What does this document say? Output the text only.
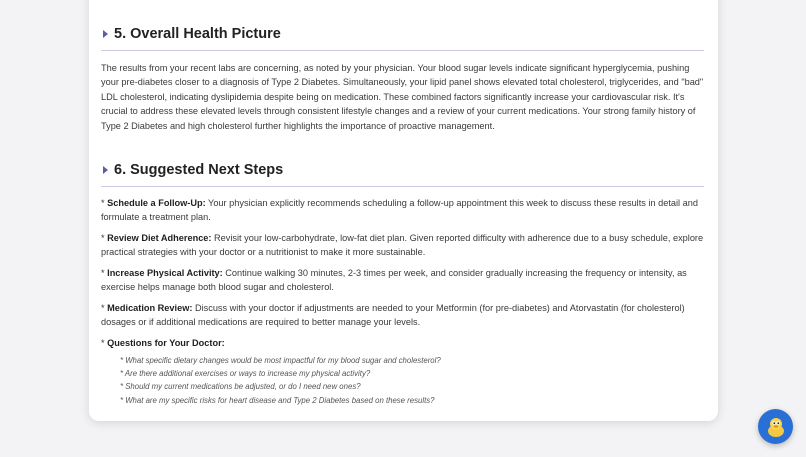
5. Overall Health Picture

The results from your recent labs are concerning, as noted by your physician. Your blood sugar levels indicate significant hyperglycemia, pushing your pre-diabetes closer to a diagnosis of Type 2 Diabetes. Simultaneously, your lipid panel shows elevated total cholesterol, triglycerides, and "bad" LDL cholesterol, indicating dyslipidemia despite being on medication. These combined factors significantly increase your cardiovascular risk. It's crucial to address these elevated levels through consistent lifestyle changes and a review of your current medications. Your strong family history of Type 2 Diabetes and high cholesterol further highlights the importance of proactive management.

6. Suggested Next Steps

* Schedule a Follow-Up: Your physician explicitly recommends scheduling a follow-up appointment this week to discuss these results in detail and formulate a treatment plan.

* Review Diet Adherence: Revisit your low-carbohydrate, low-fat diet plan. Given reported difficulty with adherence due to a busy schedule, explore practical strategies with your doctor or a nutritionist to make it more sustainable.

* Increase Physical Activity: Continue walking 30 minutes, 2-3 times per week, and consider gradually increasing the frequency or intensity, as exercise helps manage both blood sugar and cholesterol.

* Medication Review: Discuss with your doctor if adjustments are needed to your Metformin (for pre-diabetes) and Atorvastatin (for cholesterol) dosages or if additional medications are required to better manage your levels.

* Questions for Your Doctor:

* What specific dietary changes would be most impactful for my blood sugar and cholesterol?
* Are there additional exercises or ways to increase my physical activity?
* Should my current medications be adjusted, or do I need new ones?
* What are my specific risks for heart disease and Type 2 Diabetes based on these results?
